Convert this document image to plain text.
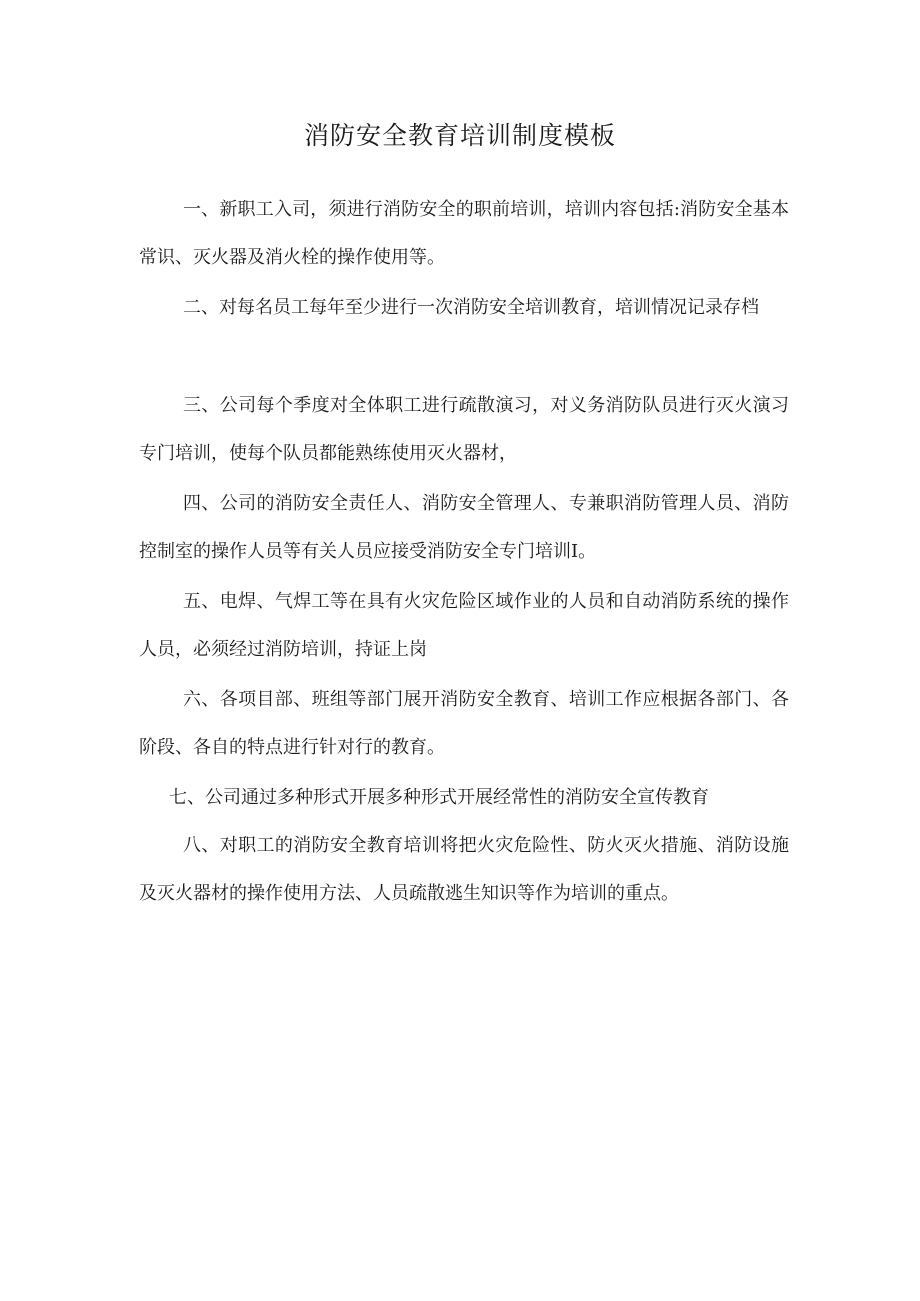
消防安全教育培训制度模板

一、新职工入司，须进行消防安全的职前培训，培训内容包括:消防安全基本常识、灭火器及消火栓的操作使用等。

二、对每名员工每年至少进行一次消防安全培训教育，培训情况记录存档

三、公司每个季度对全体职工进行疏散演习，对义务消防队员进行灭火演习专门培训，使每个队员都能熟练使用灭火器材，

四、公司的消防安全责任人、消防安全管理人、专兼职消防管理人员、消防控制室的操作人员等有关人员应接受消防安全专门培训Ⅰ。

五、电焊、气焊工等在具有火灾危险区域作业的人员和自动消防系统的操作人员，必须经过消防培训，持证上岗

六、各项目部、班组等部门展开消防安全教育、培训工作应根据各部门、各阶段、各自的特点进行针对行的教育。

七、公司通过多种形式开展多种形式开展经常性的消防安全宣传教育

八、对职工的消防安全教育培训将把火灾危险性、防火灭火措施、消防设施及灭火器材的操作使用方法、人员疏散逃生知识等作为培训的重点。
